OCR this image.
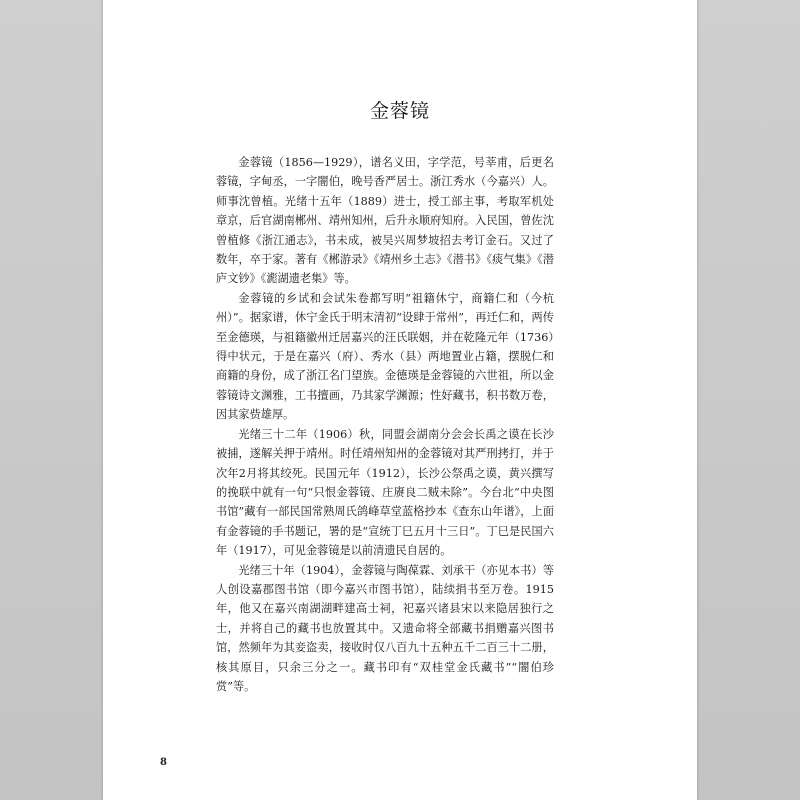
金蓉镜

金蓉镜（1856—1929），谱名义田，字学范，号莘甫，后更名蓉镜，字甸丞，一字闇伯，晚号香严居士。浙江秀水（今嘉兴）人。师事沈曾植。光绪十五年（1889）进士，授工部主事，考取军机处章京，后官湖南郴州、靖州知州，后升永顺府知府。入民国，曾佐沈曾植修《浙江通志》，书未成，被吴兴周梦坡招去考订金石。又过了数年，卒于家。著有《郴游录》《靖州乡土志》《潜书》《痰气集》《潜庐文钞》《滮湖遗老集》等。

金蓉镜的乡试和会试朱卷都写明“祖籍休宁，商籍仁和（今杭州）”。据家谱，休宁金氏于明末清初“设肆于常州”，再迁仁和，两传至金德瑛，与祖籍徽州迁居嘉兴的汪氏联姻，并在乾隆元年（1736）得中状元，于是在嘉兴（府）、秀水（县）两地置业占籍，摆脱仁和商籍的身份，成了浙江名门望族。金德瑛是金蓉镜的六世祖，所以金蓉镜诗文渊雅，工书擅画，乃其家学渊源；性好藏书，积书数万卷，因其家赀雄厚。

光绪三十二年（1906）秋，同盟会湖南分会会长禹之谟在长沙被捕，遂解关押于靖州。时任靖州知州的金蓉镜对其严刑拷打，并于次年2月将其绞死。民国元年（1912），长沙公祭禹之谟，黄兴撰写的挽联中就有一句“只恨金蓉镜、庄赓良二贼未除”。今台北“中央图书馆”藏有一部民国常熟周氏鸽峰草堂蓝格抄本《查东山年谱》，上面有金蓉镜的手书题记，署的是“宣统丁巳五月十三日”。丁巳是民国六年（1917），可见金蓉镜是以前清遗民自居的。

光绪三十年（1904），金蓉镜与陶葆霖、刘承干（亦见本书）等人创设嘉郡图书馆（即今嘉兴市图书馆），陆续捐书至万卷。1915年，他又在嘉兴南湖湖畔建高士祠，祀嘉兴诸县宋以来隐居独行之士，并将自己的藏书也放置其中。又遗命将全部藏书捐赠嘉兴图书馆，然频年为其妾盗卖，接收时仅八百九十五种五千二百三十二册，核其原目，只余三分之一。藏书印有“双桂堂金氏藏书”“闇伯珍赏”等。

8
